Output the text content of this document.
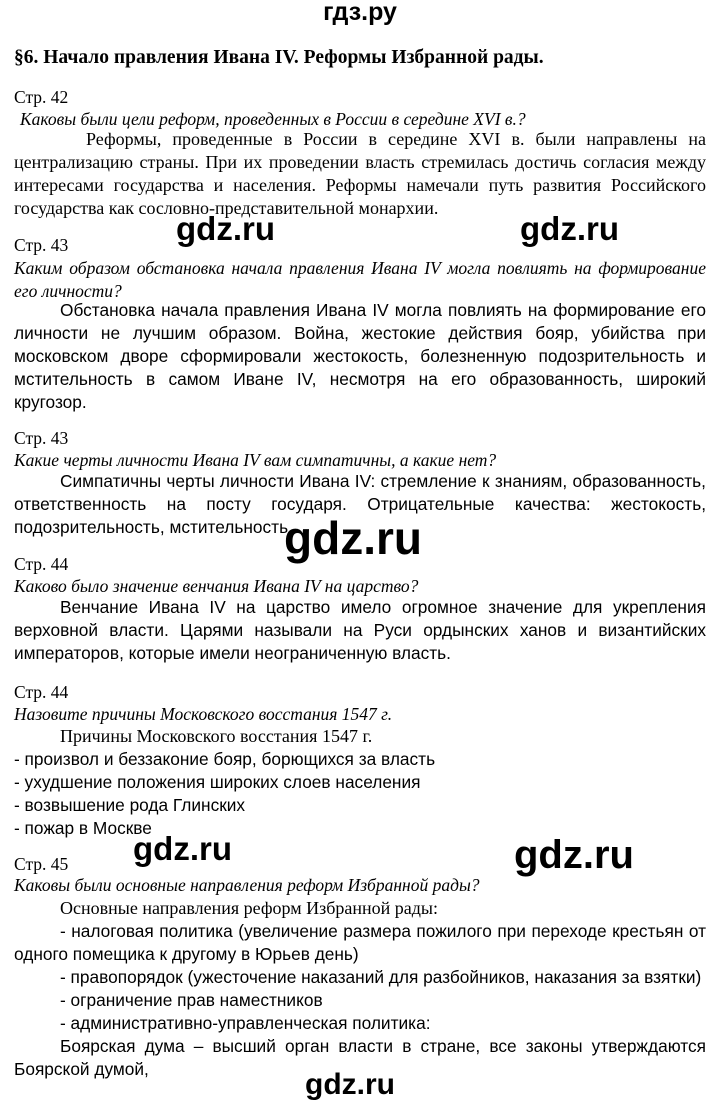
гдз.ру
§6. Начало правления Ивана IV. Реформы Избранной рады.
Стр. 42
Каковы были цели реформ, проведенных в России в середине XVI в.?
Реформы, проведенные в России в середине XVI в. были направлены на централизацию страны. При их проведении власть стремилась достичь согласия между интересами государства и населения. Реформы намечали путь развития Российского государства как сословно-представительной монархии.
Стр. 43
Каким образом обстановка начала правления Ивана IV могла повлиять на формирование его личности?
Обстановка начала правления Ивана IV могла повлиять на формирование его личности не лучшим образом. Война, жестокие действия бояр, убийства при московском дворе сформировали жестокость, болезненную подозрительность и мстительность в самом Иване IV, несмотря на его образованность, широкий кругозор.
Стр. 43
Какие черты личности Ивана IV вам симпатичны, а какие нет?
Симпатичны черты личности Ивана IV: стремление к знаниям, образованность, ответственность на посту государя. Отрицательные качества: жестокость, подозрительность, мстительность.
Стр. 44
Каково было значение венчания Ивана IV на царство?
Венчание Ивана IV на царство имело огромное значение для укрепления верховной власти. Царями называли на Руси ордынских ханов и византийских императоров, которые имели неограниченную власть.
Стр. 44
Назовите причины Московского восстания 1547 г.
Причины Московского восстания 1547 г.
- произвол и беззаконие бояр, борющихся за власть
- ухудшение положения широких слоев населения
- возвышение рода Глинских
- пожар в Москве
Стр. 45
Каковы были основные направления реформ Избранной рады?
Основные направления реформ Избранной рады:
- налоговая политика (увеличение размера пожилого при переходе крестьян от одного помещика к другому в Юрьев день)
- правопорядок (ужесточение наказаний для разбойников, наказания за взятки)
- ограничение прав наместников
- административно-управленческая политика:
Боярская дума – высший орган власти в стране, все законы утверждаются Боярской думой,
gdz.ru	gdz.ru
gdz.ru
gdz.ru	gdz.ru
gdz.ru
